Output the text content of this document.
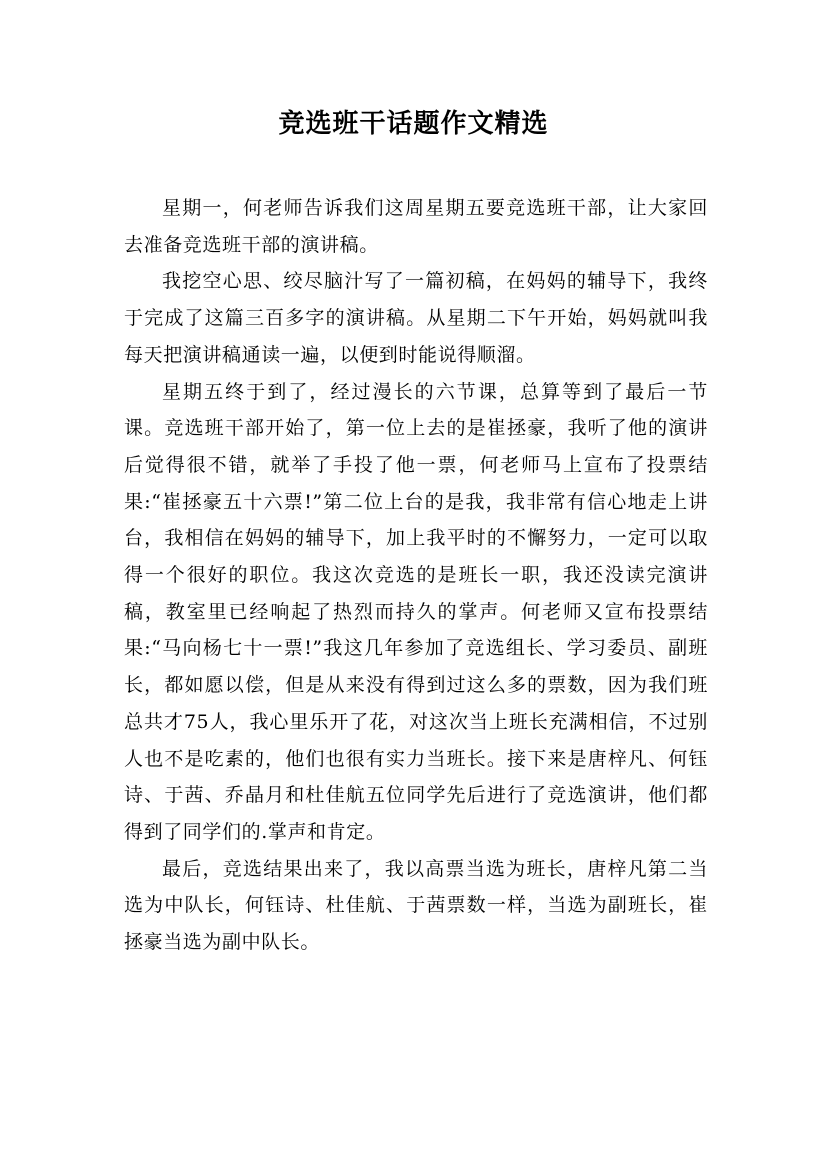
竞选班干话题作文精选

星期一，何老师告诉我们这周星期五要竞选班干部，让大家回去准备竞选班干部的演讲稿。

我挖空心思、绞尽脑汁写了一篇初稿，在妈妈的辅导下，我终于完成了这篇三百多字的演讲稿。从星期二下午开始，妈妈就叫我每天把演讲稿通读一遍，以便到时能说得顺溜。

星期五终于到了，经过漫长的六节课，总算等到了最后一节课。竞选班干部开始了，第一位上去的是崔拯豪，我听了他的演讲后觉得很不错，就举了手投了他一票，何老师马上宣布了投票结果:“崔拯豪五十六票!”第二位上台的是我，我非常有信心地走上讲台，我相信在妈妈的辅导下，加上我平时的不懈努力，一定可以取得一个很好的职位。我这次竞选的是班长一职，我还没读完演讲稿，教室里已经响起了热烈而持久的掌声。何老师又宣布投票结果:“马向杨七十一票!”我这几年参加了竞选组长、学习委员、副班长，都如愿以偿，但是从来没有得到过这么多的票数，因为我们班总共才75人，我心里乐开了花，对这次当上班长充满相信，不过别人也不是吃素的，他们也很有实力当班长。接下来是唐梓凡、何钰诗、于茜、乔晶月和杜佳航五位同学先后进行了竞选演讲，他们都得到了同学们的.掌声和肯定。

最后，竞选结果出来了，我以高票当选为班长，唐梓凡第二当选为中队长，何钰诗、杜佳航、于茜票数一样，当选为副班长，崔拯豪当选为副中队长。
